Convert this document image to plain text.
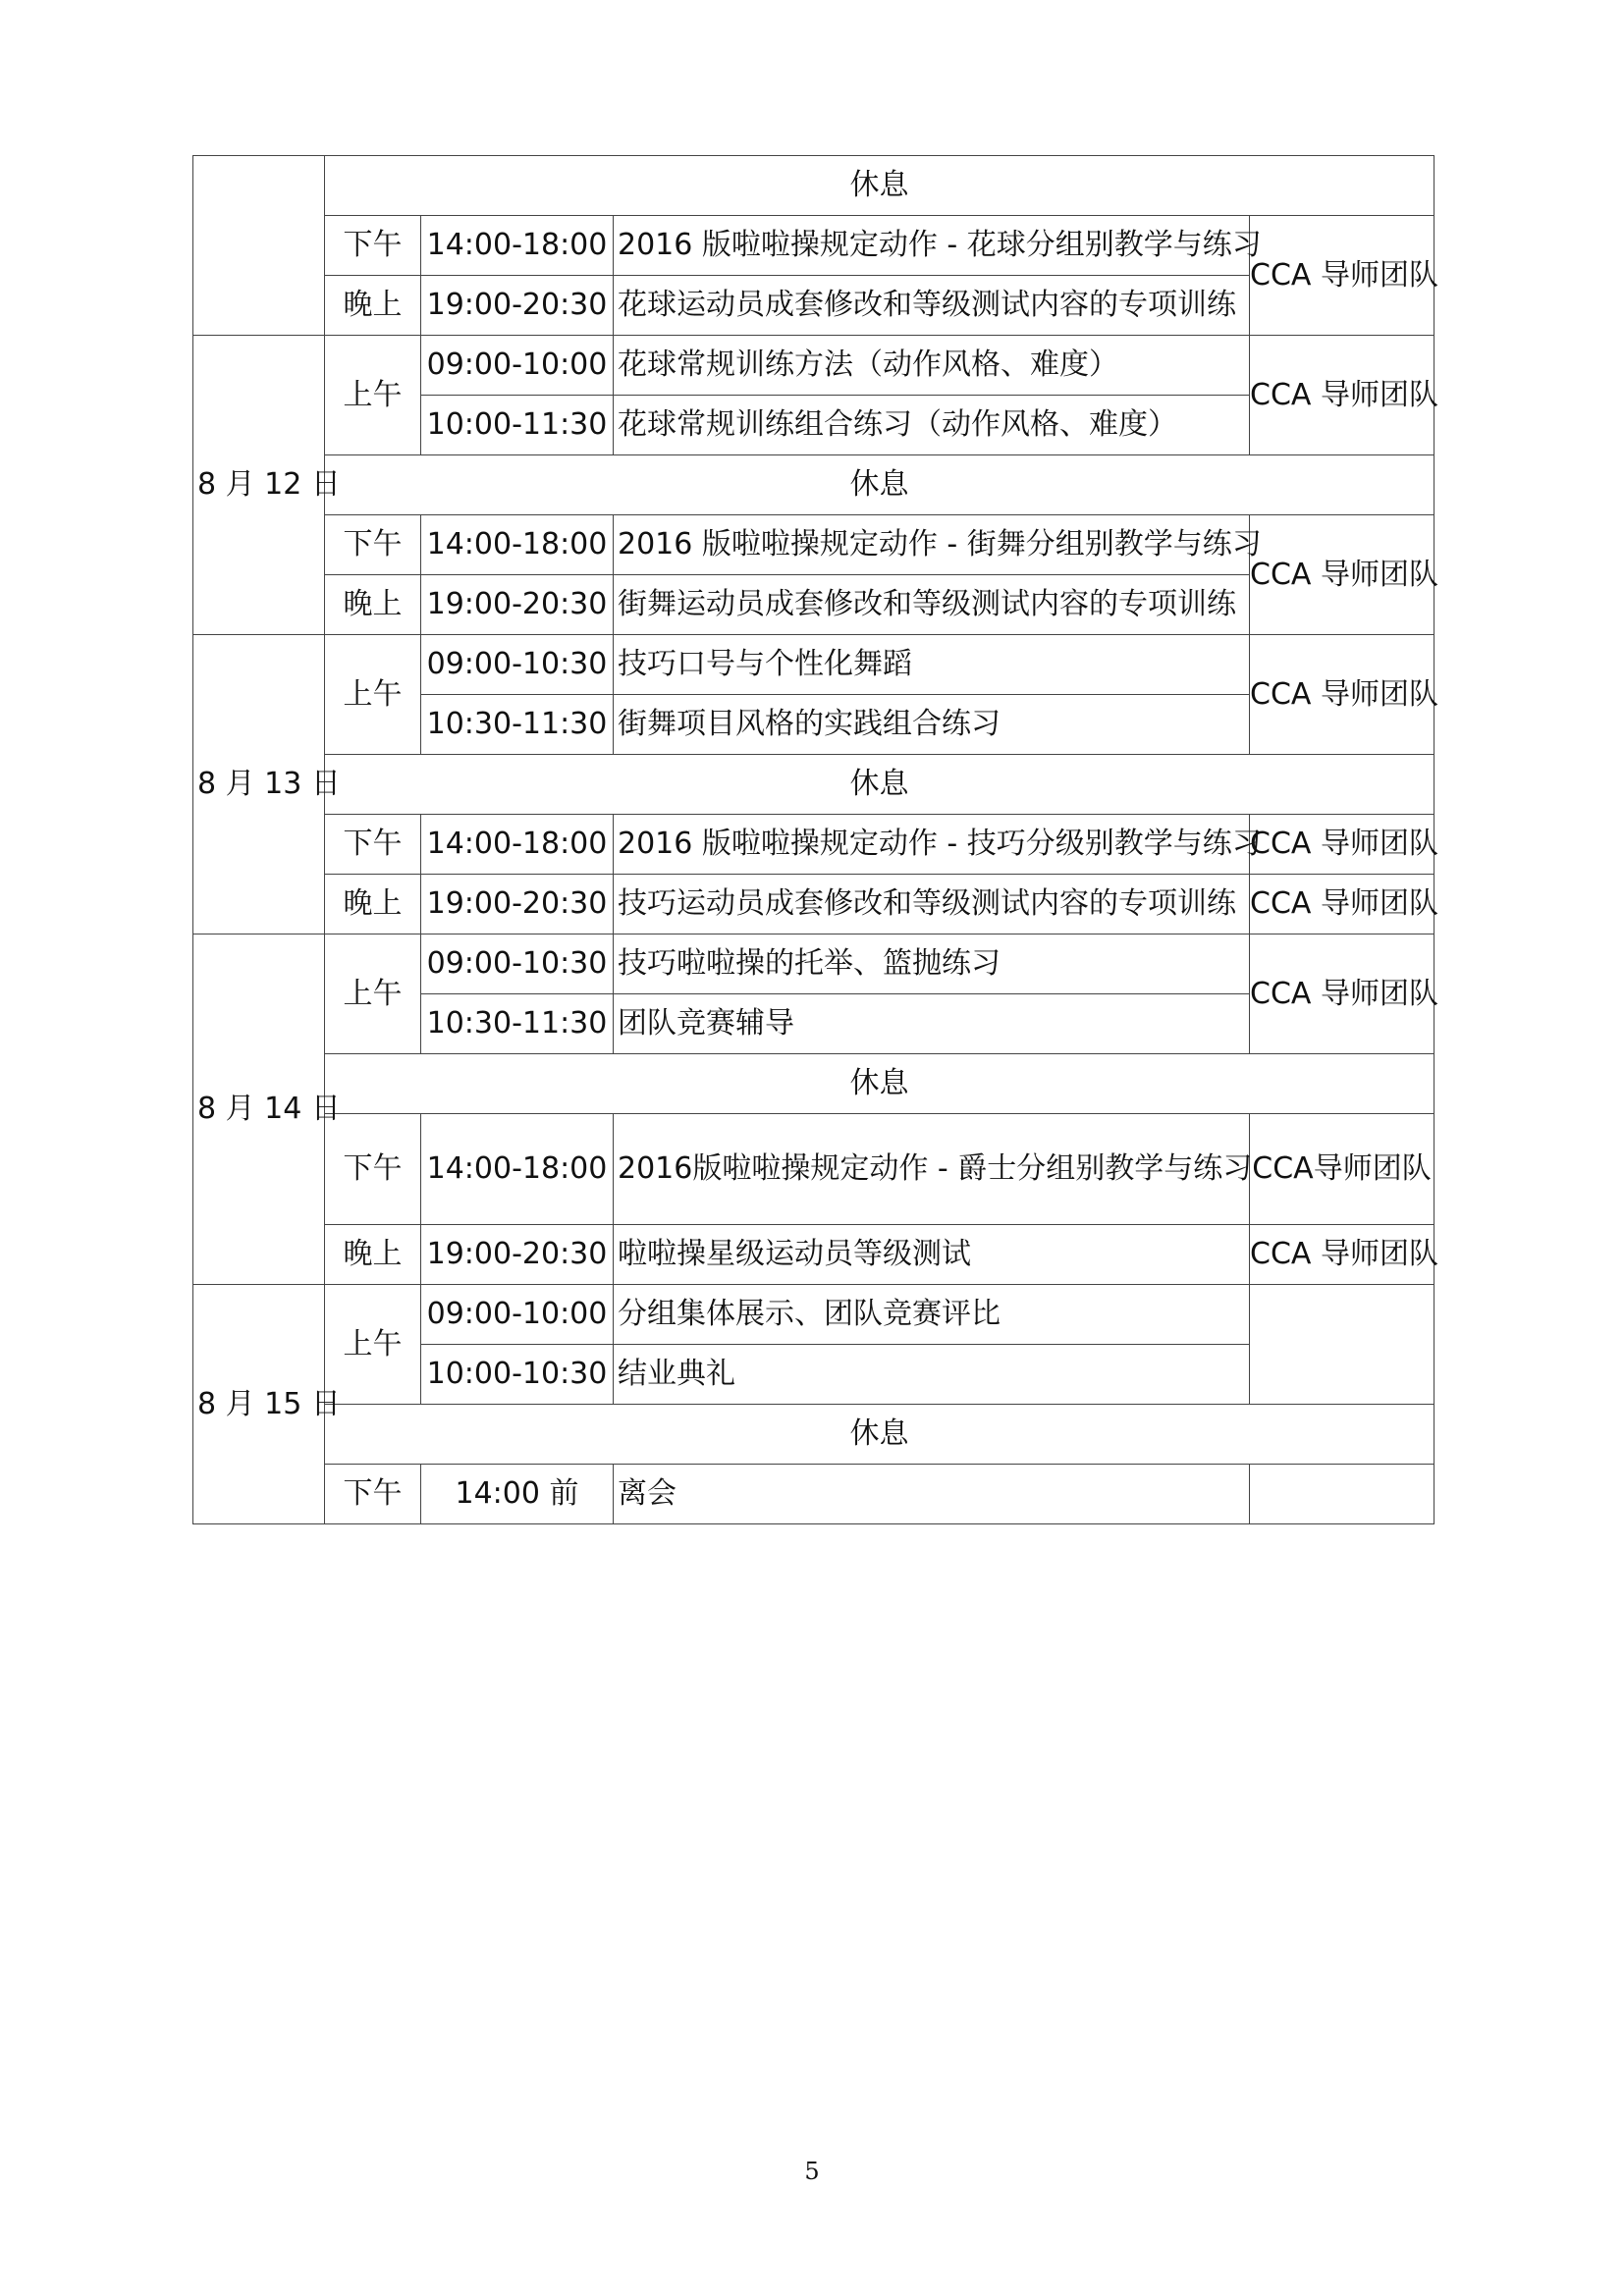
	休息			
	下午	14:00-18:00	2016 版啦啦操规定动作 - 花球分组别教学与练习	CCA 导师团队
	晚上	19:00-20:30	花球运动员成套修改和等级测试内容的专项训练	
8 月 12 日	上午	09:00-10:00	花球常规训练方法（动作风格、难度）	CCA 导师团队
		10:00-11:30	花球常规训练组合练习（动作风格、难度）	
	休息			
	下午	14:00-18:00	2016 版啦啦操规定动作 - 街舞分组别教学与练习	CCA 导师团队
	晚上	19:00-20:30	街舞运动员成套修改和等级测试内容的专项训练	
8 月 13 日	上午	09:00-10:30	技巧口号与个性化舞蹈	CCA 导师团队
		10:30-11:30	街舞项目风格的实践组合练习	
	休息			
	下午	14:00-18:00	2016 版啦啦操规定动作 - 技巧分级别教学与练习	CCA 导师团队
	晚上	19:00-20:30	技巧运动员成套修改和等级测试内容的专项训练	CCA 导师团队
8 月 14 日	上午	09:00-10:30	技巧啦啦操的托举、篮抛练习	CCA 导师团队
		10:30-11:30	团队竞赛辅导	
	休息			
	下午	14:00-18:00	2016版啦啦操规定动作 - 爵士分组别教学与练习	CCA导师团队
	晚上	19:00-20:30	啦啦操星级运动员等级测试	CCA 导师团队
8 月 15 日	上午	09:00-10:00	分组集体展示、团队竞赛评比	
		10:00-10:30	结业典礼	
	休息			
	下午	14:00 前	离会	
5
